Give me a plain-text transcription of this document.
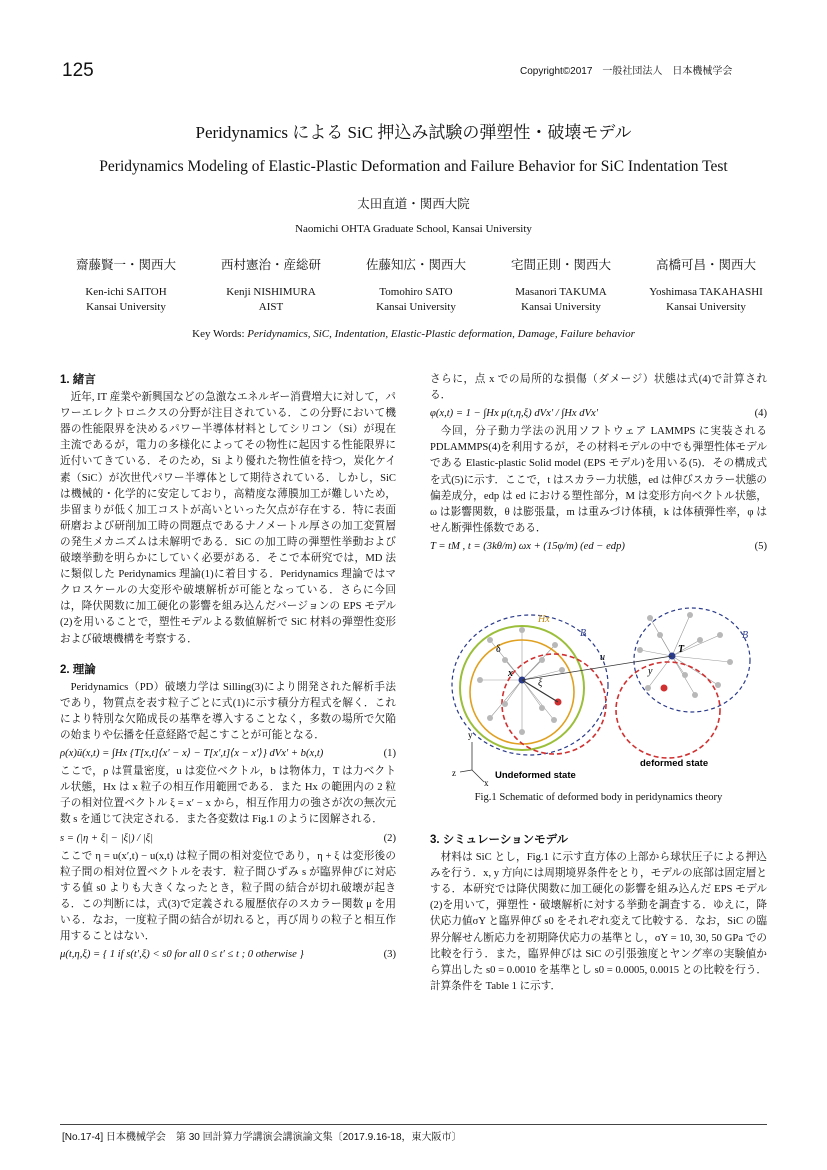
125	Copyright©2017　一般社団法人　日本機械学会
Peridynamics による SiC 押込み試験の弾塑性・破壊モデル
Peridynamics Modeling of Elastic-Plastic Deformation and Failure Behavior for SiC Indentation Test
太田直道・関西大院
Naomichi OHTA Graduate School, Kansai University
齋藤賢一・関西大
Ken-ichi SAITOH
Kansai University
西村憲治・産総研
Kenji NISHIMURA
AIST
佐藤知広・関西大
Tomohiro SATO
Kansai University
宅間正則・関西大
Masanori TAKUMA
Kansai University
高橋可昌・関西大
Yoshimasa TAKAHASHI
Kansai University
Key Words: Peridynamics, SiC, Indentation, Elastic-Plastic deformation, Damage, Failure behavior
1. 緒言

近年, IT 産業や新興国などの急激なエネルギー消費増大に対して，パワーエレクトロニクスの分野が注目されている．この分野において機器の性能限界を決めるパワー半導体材料としてシリコン（Si）が現在主流であるが，電力の多様化によってその物性に起因する性能限界に近付いてきている．そのため，Si より優れた物性値を持つ，炭化ケイ素（SiC）が次世代パワー半導体として期待されている．しかし，SiC は機械的・化学的に安定しており，高精度な薄膜加工が難しいため，歩留まりが低く加工コストが高いといった欠点が存在する．特に表面研磨および研削加工時の問題点であるナノメートル厚さの加工変質層の発生メカニズムは未解明である．SiC の加工時の弾塑性挙動および破壊挙動を明らかにしていく必要がある．そこで本研究では，MD 法に類似した Peridynamics 理論(1)に着目する．Peridynamics 理論ではマクロスケールの大変形や破壊解析が可能となっている．さらに今回は，降伏関数に加工硬化の影響を組み込んだバージョンの EPS モデル(2)を用いることで，塑性モデルよる数値解析で SiC 材料の弾塑性変形および破壊機構を考察する．

2. 理論

Peridynamics（PD）破壊力学は Silling(3)により開発された解析手法であり，物質点を表す粒子ごとに式(1)に示す積分方程式を解く．これにより特別な欠陥成長の基準を導入することなく，多数の場所で欠陥の始まりや伝播を任意経路で起こすことが可能となる．

ρ(x)ü(x,t) = ∫Hx {T[x,t]⟨x′ − x⟩ − T[x′,t]⟨x − x′⟩} dVx′ + b(x,t)	(1)

ここで，ρ は質量密度，u は変位ベクトル，b は物体力，T は力ベクトル状態，Hx は x 粒子の相互作用範囲である．また Hx の範囲内の 2 粒子の相対位置ベクトル ξ = x′ − x から，相互作用力の強さが次の無次元数 s を通じて決定される．また各変数は Fig.1 のように図解される．

s = (|η + ξ| − |ξ|) / |ξ|	(2)

ここで η = u(x′,t) − u(x,t) は粒子間の相対変位であり，η + ξ は変形後の粒子間の相対位置ベクトルを表す．粒子間ひずみ s が臨界伸びに対応する値 s0 よりも大きくなったとき，粒子間の結合が切れ破壊が起きる．この判断には，式(3)で定義される履歴依存のスカラー関数 μ を用いる．なお，一度粒子間の結合が切れると，再び周りの粒子と相互作用することはない．

μ(t,η,ξ) = { 1 if s(t′,ξ) < s0 for all 0 ≤ t′ ≤ t ; 0 otherwise }	(3)

さらに，点 x での局所的な損傷（ダメージ）状態は式(4)で計算される．

φ(x,t) = 1 − ∫Hx μ(t,η,ξ) dVx′ / ∫Hx dVx′	(4)

今回，分子動力学法の汎用ソフトウェア LAMMPS に実装される PDLAMMPS(4)を利用するが，その材料モデルの中でも弾塑性体モデルである Elastic-plastic Solid model (EPS モデル)を用いる(5)．その構成式を式(5)に示す．ここで，t はスカラー力状態，ed は伸びスカラー状態の偏差成分，edp は ed における塑性部分，M は変形方向ベクトル状態，ω は影響関数，θ は膨張量，m は重みづけ体積，k は体積弾性率，φ はせん断弾性係数である．

T = tM , t = (3kθ/m) ωx + (15φ/m) (ed − edp)	(5)
Hx
B
δ
u
ξ
x
B
T
y
y
x
z	Undeformed state
deformed state
Fig.1 Schematic of deformed body in peridynamics theory
3. シミュレーションモデル

材料は SiC とし，Fig.1 に示す直方体の上部から球状圧子による押込みを行う．x, y 方向には周期境界条件をとり，モデルの底部は固定層とする．本研究では降伏関数に加工硬化の影響を組み込んだ EPS モデル(2)を用いて，弾塑性・破壊解析に対する挙動を調査する．ゆえに，降伏応力値σY と臨界伸び s0 をそれぞれ変えて比較する．なお，SiC の臨界分解せん断応力を初期降伏応力の基準とし，σY = 10, 30, 50 GPa での比較を行う．また，臨界伸びは SiC の引張強度とヤング率の実験値から算出した s0 = 0.0010 を基準とし s0 = 0.0005, 0.0015 との比較を行う．計算条件を Table 1 に示す．

[No.17-4] 日本機械学会　第 30 回計算力学講演会講演論文集〔2017.9.16-18，東大阪市〕
